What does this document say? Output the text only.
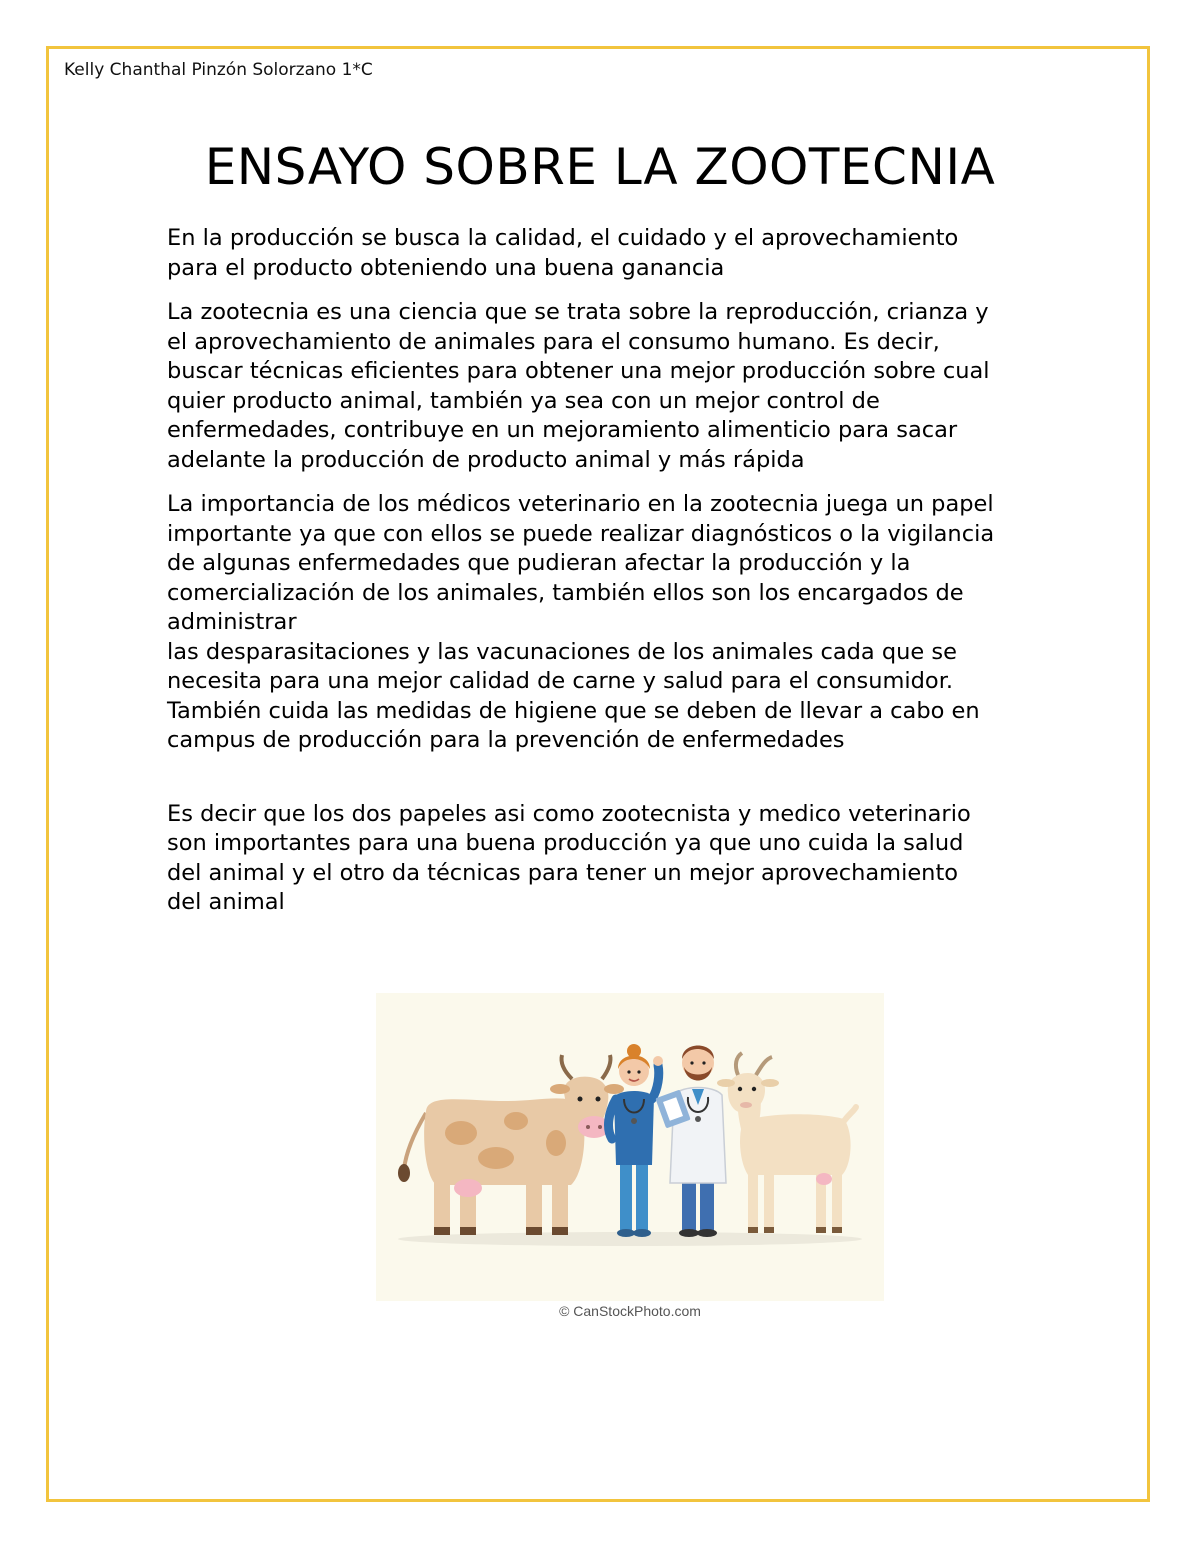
Kelly Chanthal Pinzón Solorzano 1*C
ENSAYO SOBRE LA ZOOTECNIA

En la producción se busca la calidad, el cuidado y el aprovechamiento
para el producto obteniendo una buena ganancia

La zootecnia es una ciencia que se trata sobre la reproducción, crianza y
el aprovechamiento de animales para el consumo humano. Es decir,
buscar técnicas eficientes para obtener una mejor producción sobre cual
quier producto animal, también ya sea con un mejor control de
enfermedades, contribuye en un mejoramiento alimenticio para sacar
adelante la producción de producto animal y más rápida

La importancia de los médicos veterinario en la zootecnia juega un papel
importante ya que con ellos se puede realizar diagnósticos o la vigilancia
de algunas enfermedades que pudieran afectar la producción y la
comercialización de los animales, también ellos son los encargados de
administrar
las desparasitaciones y las vacunaciones de los animales cada que se
necesita para una mejor calidad de carne y salud para el consumidor.
También cuida las medidas de higiene que se deben de llevar a cabo en
campus de producción para la prevención de enfermedades

Es decir que los dos papeles asi como zootecnista y medico veterinario
son importantes para una buena producción ya que uno cuida la salud
del animal y el otro da técnicas para tener un mejor aprovechamiento
del animal

© CanStockPhoto.com
